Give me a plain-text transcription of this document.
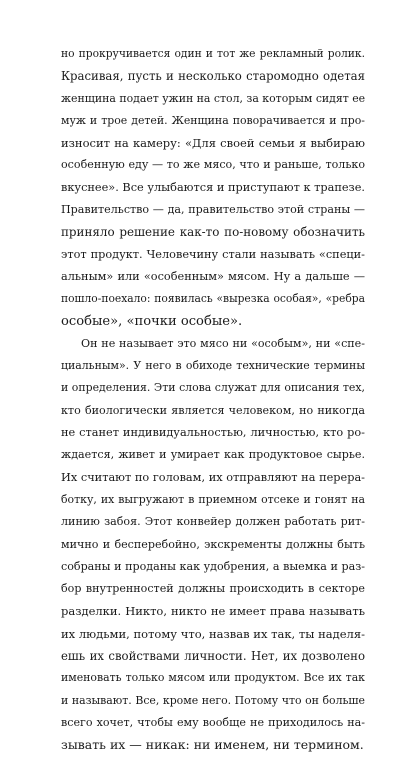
но прокручивается один и тот же рекламный ролик.
Красивая, пусть и несколько старомодно одетая
женщина подает ужин на стол, за которым сидят ее
муж и трое детей. Женщина поворачивается и про-
износит на камеру: «Для своей семьи я выбираю
особенную еду — то же мясо, что и раньше, только
вкуснее». Все улыбаются и приступают к трапезе.
Правительство — да, правительство этой страны —
приняло решение как-то по-новому обозначить
этот продукт. Человечину стали называть «специ-
альным» или «особенным» мясом. Ну а дальше —
пошло-поехало: появилась «вырезка особая», «ребра
особые», «почки особые».
Он не называет это мясо ни «особым», ни «спе-
циальным». У него в обиходе технические термины
и определения. Эти слова служат для описания тех,
кто биологически является человеком, но никогда
не станет индивидуальностью, личностью, кто ро-
ждается, живет и умирает как продуктовое сырье.
Их считают по головам, их отправляют на перера-
ботку, их выгружают в приемном отсеке и гонят на
линию забоя. Этот конвейер должен работать рит-
мично и бесперебойно, экскременты должны быть
собраны и проданы как удобрения, а выемка и раз-
бор внутренностей должны происходить в секторе
разделки. Никто, никто не имеет права называть
их людьми, потому что, назвав их так, ты наделя-
ешь их свойствами личности. Нет, их дозволено
именовать только мясом или продуктом. Все их так
и называют. Все, кроме него. Потому что он больше
всего хочет, чтобы ему вообще не приходилось на-
зывать их — никак: ни именем, ни термином.
